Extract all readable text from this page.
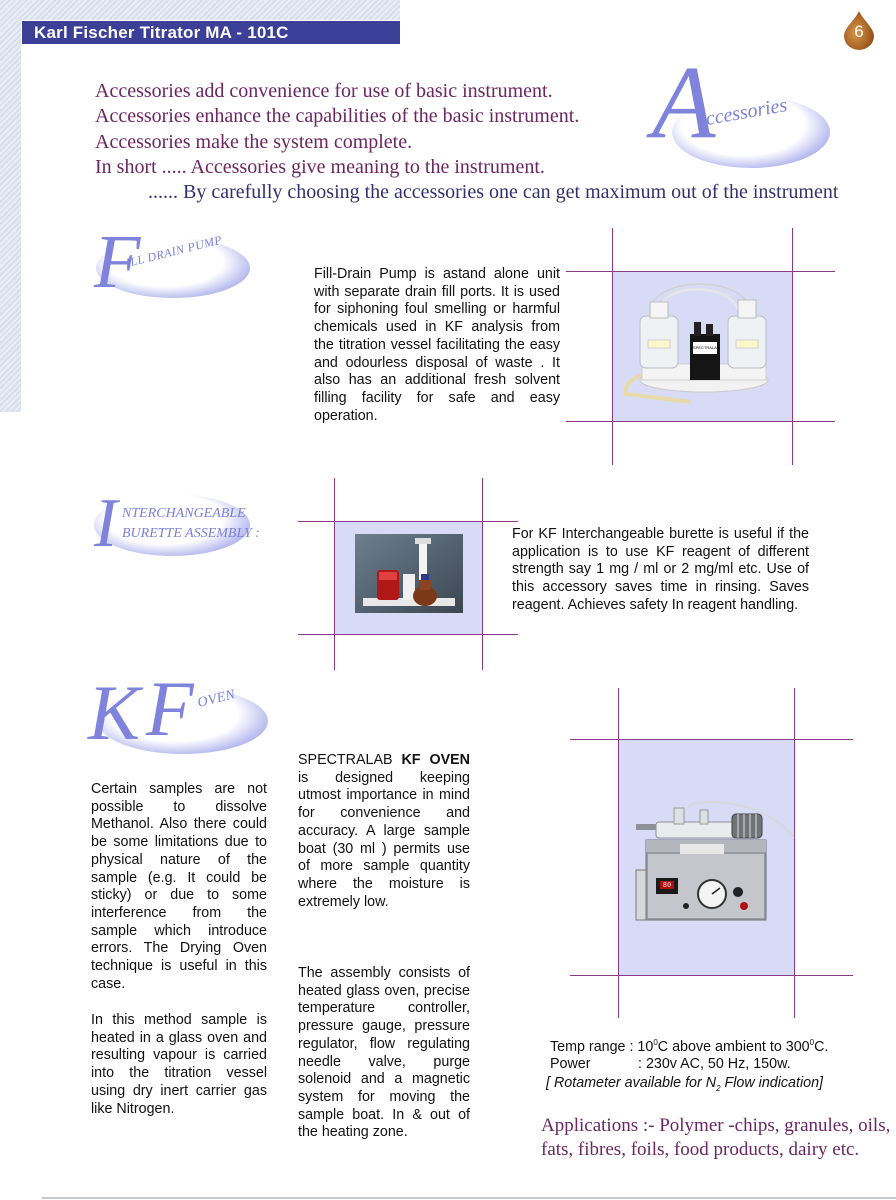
Karl Fischer Titrator MA - 101C	6
Accessories add convenience for use of basic instrument.
Accessories enhance the capabilities of the basic instrument.
Accessories make the system complete.
In short ..... Accessories give meaning to the instrument.
...... By carefully choosing the accessories one can get maximum out of the instrument
A
ccessories
F
ILL DRAIN PUMP
Fill-Drain Pump is astand alone unit with separate drain fill ports. It is used for siphoning foul smelling or harmful chemicals used in KF analysis from the titration vessel facilitating the easy and odourless disposal of waste . It also has an additional fresh solvent filling facility for safe and easy operation.
SPECTRALAB
I NTERCHANGEABLE
BURETTE ASSEMBLY :	For KF Interchangeable burette is useful if the application is to use KF reagent of different strength say 1 mg / ml or 2 mg/ml etc. Use of this accessory saves time in rinsing. Saves reagent. Achieves safety In reagent handling.
K F OVEN
Certain samples are not possible to dissolve Methanol. Also there could be some limitations due to physical nature of the sample (e.g. It could be sticky) or due to some interference from the sample which introduce errors. The Drying Oven technique is useful in this case.
In this method sample is heated in a glass oven and resulting vapour is carried into the titration vessel using dry inert carrier gas like Nitrogen.
SPECTRALAB KF OVEN is designed keeping utmost importance in mind for convenience and accuracy. A large sample boat (30 ml ) permits use of more sample quantity where the moisture is extremely low.
The assembly consists of heated glass oven, precise temperature controller, pressure gauge, pressure regulator, flow regulating needle valve, purge solenoid and a magnetic system for moving the sample boat. In & out of the heating zone.
80
Temp range : $10^0C$ above ambient to $300^0C$.
Power	: 230v AC, 50 Hz, 150w.
[ Rotameter available for $N_2$ Flow indication]
Applications :- Polymer -chips, granules, oils, fats, fibres, foils, food products, dairy etc.
